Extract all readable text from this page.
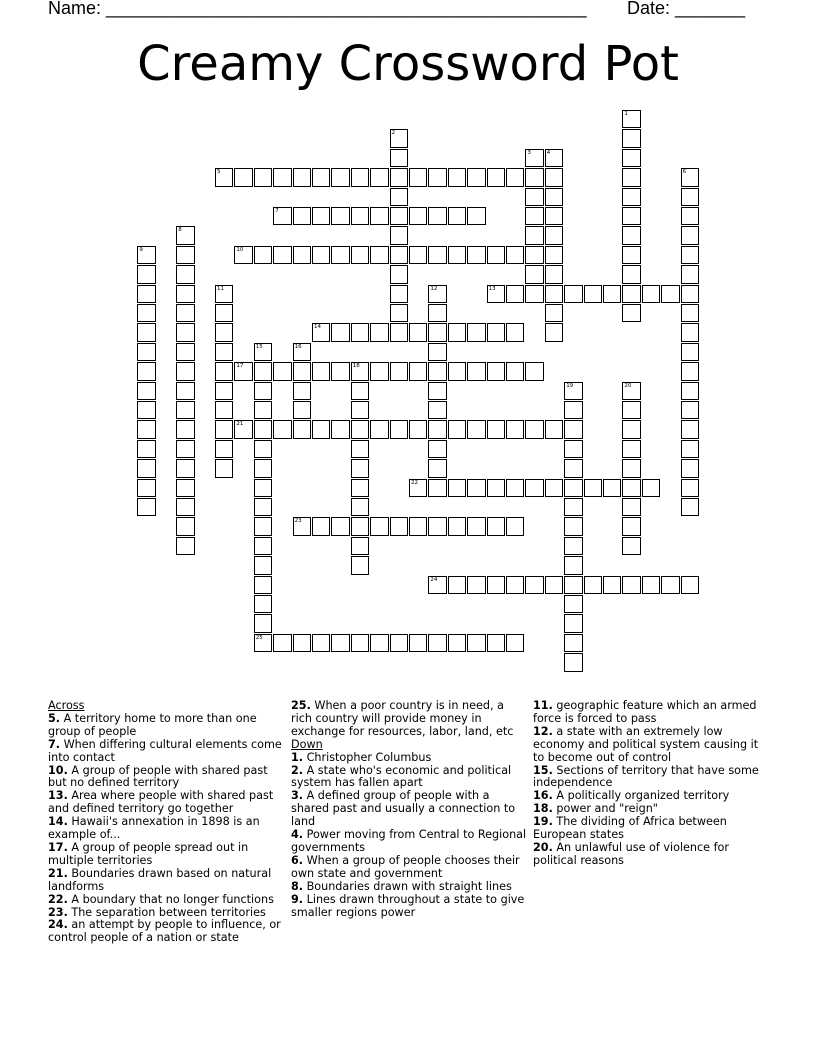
Name: ________________________________________________ Date: _______
Creamy Crossword Pot
5
7
10
13
14
17	18
21
22
23
24
25
1
2
3	4
6
8
9
11	12
15	16
19	20
Across
5. A territory home to more than one group of people
7. When differing cultural elements come into contact
10. A group of people with shared past but no defined territory
13. Area where people with shared past and defined territory go together
14. Hawaii's annexation in 1898 is an example of...
17. A group of people spread out in multiple territories
21. Boundaries drawn based on natural landforms
22. A boundary that no longer functions
23. The separation between territories
24. an attempt by people to influence, or control people of a nation or state
25. When a poor country is in need, a rich country will provide money in exchange for resources, labor, land, etc
Down
1. Christopher Columbus
2. A state who's economic and political system has fallen apart
3. A defined group of people with a shared past and usually a connection to land
4. Power moving from Central to Regional governments
6. When a group of people chooses their own state and government
8. Boundaries drawn with straight lines
9. Lines drawn throughout a state to give smaller regions power
11. geographic feature which an armed force is forced to pass
12. a state with an extremely low economy and political system causing it to become out of control
15. Sections of territory that have some independence
16. A politically organized territory
18. power and "reign"
19. The dividing of Africa between European states
20. An unlawful use of violence for political reasons
